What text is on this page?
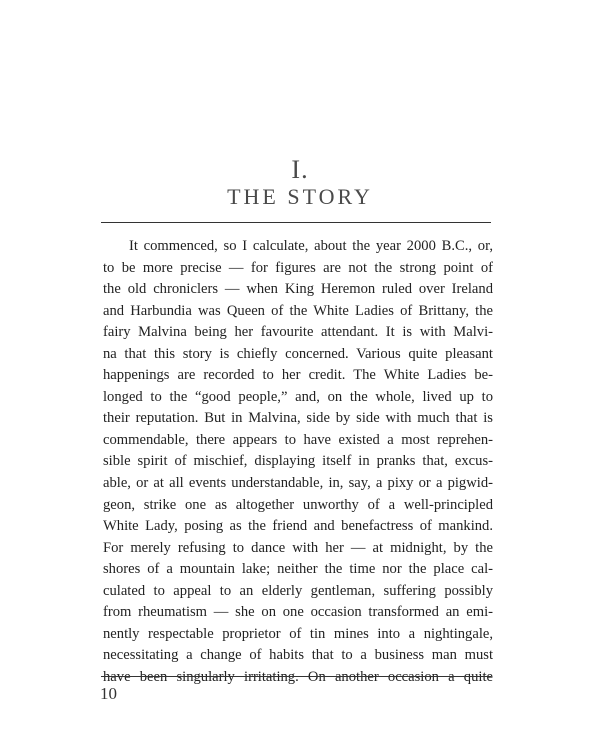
I.
THE STORY
It commenced, so I calculate, about the year 2000 B.C., or,
to be more precise — for figures are not the strong point of
the old chroniclers — when King Heremon ruled over Ireland
and Harbundia was Queen of the White Ladies of Brittany, the
fairy Malvina being her favourite attendant. It is with Malvi-
na that this story is chiefly concerned. Various quite pleasant
happenings are recorded to her credit. The White Ladies be-
longed to the “good people,” and, on the whole, lived up to
their reputation. But in Malvina, side by side with much that is
commendable, there appears to have existed a most reprehen-
sible spirit of mischief, displaying itself in pranks that, excus-
able, or at all events understandable, in, say, a pixy or a pigwid-
geon, strike one as altogether unworthy of a well-principled
White Lady, posing as the friend and benefactress of mankind.
For merely refusing to dance with her — at midnight, by the
shores of a mountain lake; neither the time nor the place cal-
culated to appeal to an elderly gentleman, suffering possibly
from rheumatism — she on one occasion transformed an emi-
nently respectable proprietor of tin mines into a nightingale,
necessitating a change of habits that to a business man must
have been singularly irritating. On another occasion a quite
10
